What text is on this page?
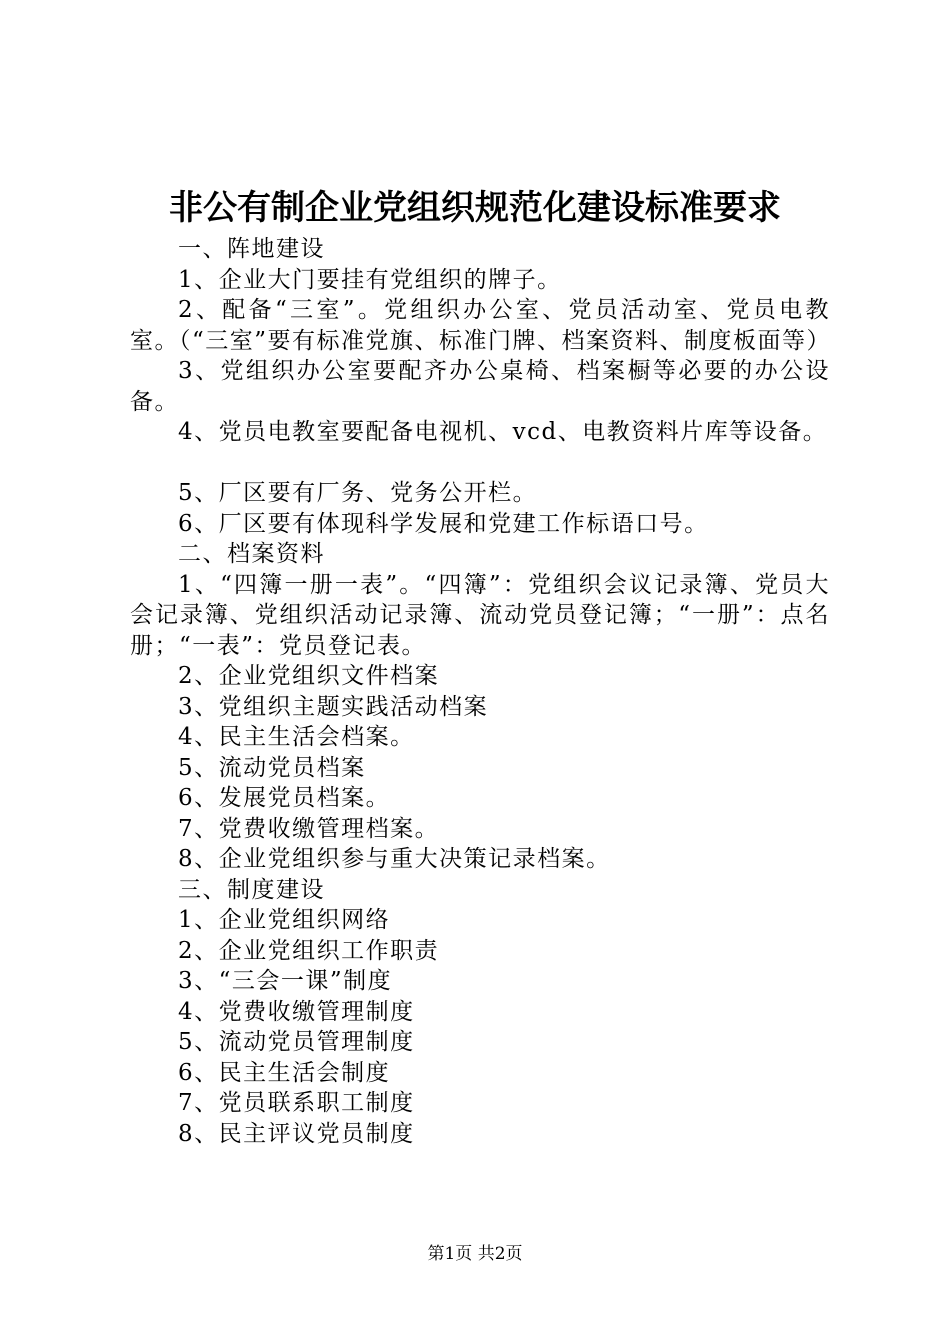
非公有制企业党组织规范化建设标准要求

一、阵地建设

1、企业大门要挂有党组织的牌子。

2、配备“三室”。党组织办公室、党员活动室、党员电教室。（“三室”要有标准党旗、标准门牌、档案资料、制度板面等）

3、党组织办公室要配齐办公桌椅、档案橱等必要的办公设备。

4、党员电教室要配备电视机、vcd、电教资料片库等设备。

5、厂区要有厂务、党务公开栏。

6、厂区要有体现科学发展和党建工作标语口号。

二、档案资料

1、“四簿一册一表”。“四簿”：党组织会议记录簿、党员大会记录簿、党组织活动记录簿、流动党员登记簿；“一册”：点名册；“一表”：党员登记表。

2、企业党组织文件档案

3、党组织主题实践活动档案

4、民主生活会档案。

5、流动党员档案

6、发展党员档案。

7、党费收缴管理档案。

8、企业党组织参与重大决策记录档案。

三、制度建设

1、企业党组织网络

2、企业党组织工作职责

3、“三会一课”制度

4、党费收缴管理制度

5、流动党员管理制度

6、民主生活会制度

7、党员联系职工制度

8、民主评议党员制度

第1页 共2页
